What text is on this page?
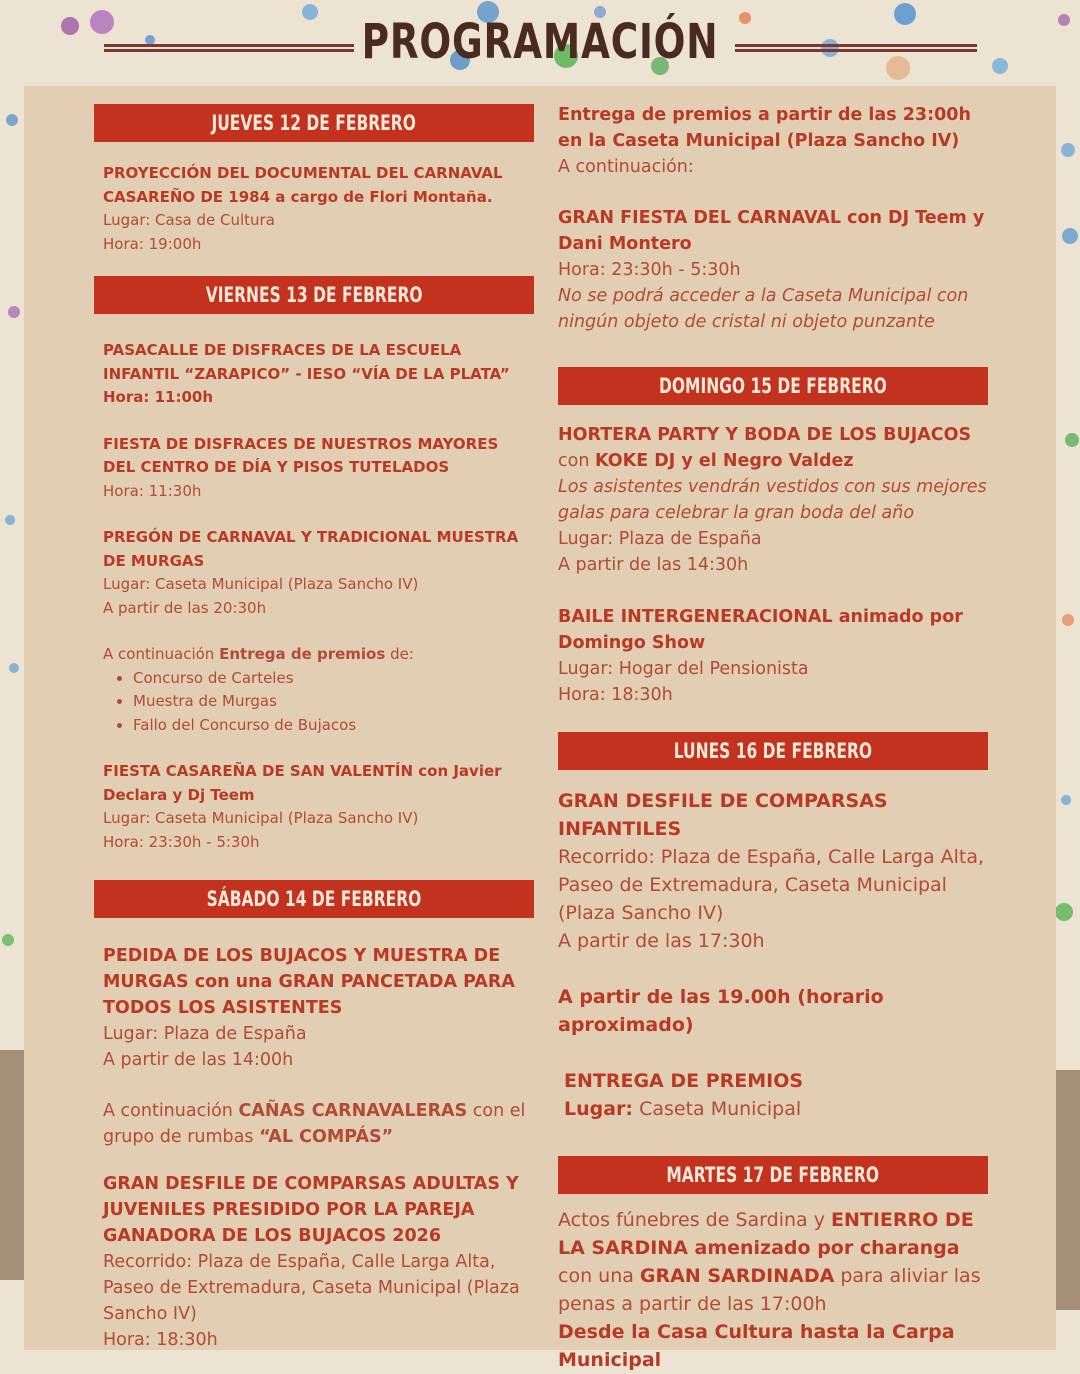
PROGRAMACIÓN
JUEVES 12 DE FEBRERO
PROYECCIÓN DEL DOCUMENTAL DEL CARNAVAL CASAREÑO DE 1984 a cargo de Flori Montaña.
Lugar: Casa de Cultura
Hora: 19:00h
VIERNES 13 DE FEBRERO
PASACALLE DE DISFRACES DE LA ESCUELA INFANTIL “ZARAPICO” - IESO “VÍA DE LA PLATA”
Hora: 11:00h
FIESTA DE DISFRACES DE NUESTROS MAYORES DEL CENTRO DE DÍA Y PISOS TUTELADOS
Hora: 11:30h
PREGÓN DE CARNAVAL Y TRADICIONAL MUESTRA DE MURGAS
Lugar: Caseta Municipal (Plaza Sancho IV)
A partir de las 20:30h
A continuación Entrega de premios de:
• Concurso de Carteles
• Muestra de Murgas
• Fallo del Concurso de Bujacos
FIESTA CASAREÑA DE SAN VALENTÍN con Javier Declara y Dj Teem
Lugar: Caseta Municipal (Plaza Sancho IV)
Hora: 23:30h - 5:30h
SÁBADO 14 DE FEBRERO
PEDIDA DE LOS BUJACOS Y MUESTRA DE MURGAS con una GRAN PANCETADA PARA TODOS LOS ASISTENTES
Lugar: Plaza de España
A partir de las 14:00h
A continuación CAÑAS CARNAVALERAS con el grupo de rumbas “AL COMPÁS”
GRAN DESFILE DE COMPARSAS ADULTAS Y JUVENILES PRESIDIDO POR LA PAREJA GANADORA DE LOS BUJACOS 2026
Recorrido: Plaza de España, Calle Larga Alta, Paseo de Extremadura, Caseta Municipal (Plaza Sancho IV)
Hora: 18:30h
Entrega de premios a partir de las 23:00h en la Caseta Municipal (Plaza Sancho IV)
A continuación:
GRAN FIESTA DEL CARNAVAL con DJ Teem y Dani Montero
Hora: 23:30h - 5:30h
No se podrá acceder a la Caseta Municipal con ningún objeto de cristal ni objeto punzante
DOMINGO 15 DE FEBRERO
HORTERA PARTY Y BODA DE LOS BUJACOS con KOKE DJ y el Negro Valdez
Los asistentes vendrán vestidos con sus mejores galas para celebrar la gran boda del año
Lugar: Plaza de España
A partir de las 14:30h
BAILE INTERGENERACIONAL animado por Domingo Show
Lugar: Hogar del Pensionista
Hora: 18:30h
LUNES 16 DE FEBRERO
GRAN DESFILE DE COMPARSAS INFANTILES
Recorrido: Plaza de España, Calle Larga Alta, Paseo de Extremadura, Caseta Municipal (Plaza Sancho IV)
A partir de las 17:30h
A partir de las 19.00h (horario aproximado)
ENTREGA DE PREMIOS
Lugar: Caseta Municipal
MARTES 17 DE FEBRERO
Actos fúnebres de Sardina y ENTIERRO DE LA SARDINA amenizado por charanga con una GRAN SARDINADA para aliviar las penas a partir de las 17:00h
Desde la Casa Cultura hasta la Carpa Municipal
